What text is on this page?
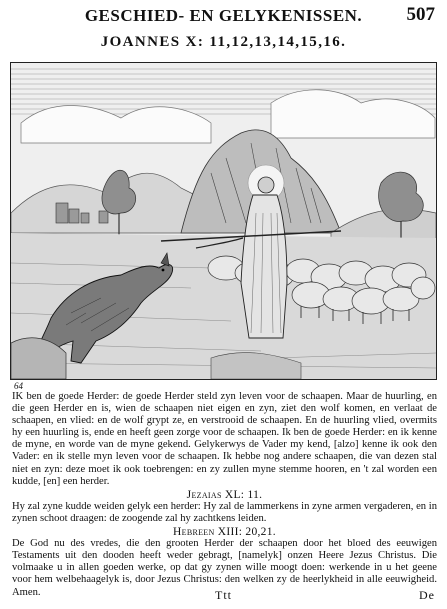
GESCHIED- EN GELYKENISSEN.	507
JOANNES X: 11,12,13,14,15,16.
64

IK ben de goede Herder: de goede Herder steld zyn leven voor de schaapen. Maar de huurling, en die geen Herder en is, wien de schaapen niet eigen en zyn, ziet den wolf komen, en verlaat de schaapen, en vlied: en de wolf grypt ze, en verstrooid de schaapen. En de huurling vlied, overmits hy een huurling is, ende en heeft geen zorge voor de schaapen. Ik ben de goede Herder: en ik kenne de myne, en worde van de myne gekend. Gelykerwys de Vader my kend, [alzo] kenne ik ook den Vader: en ik stelle myn leven voor de schaapen. Ik hebbe nog andere schaapen, die van dezen stal niet en zyn: deze moet ik ook toebrengen: en zy zullen myne stemme hooren, en 't zal worden een kudde, [en] een herder.

Jezaias XL: 11.

Hy zal zyne kudde weiden gelyk een herder: Hy zal de lammerkens in zyne armen vergaderen, en in zynen schoot draagen: de zoogende zal hy zachtkens leiden.

Hebreen XIII: 20,21.

De God nu des vredes, die den grooten Herder der schaapen door het bloed des eeuwigen Testaments uit den dooden heeft weder gebragt, [namelyk] onzen Heere Jezus Christus. Die volmaake u in allen goeden werke, op dat gy zynen wille moogt doen: werkende in u het geene voor hem welbehaagelyk is, door Jezus Christus: den welken zy de heerlykheid in alle eeuwigheid. Amen.	Ttt	De
